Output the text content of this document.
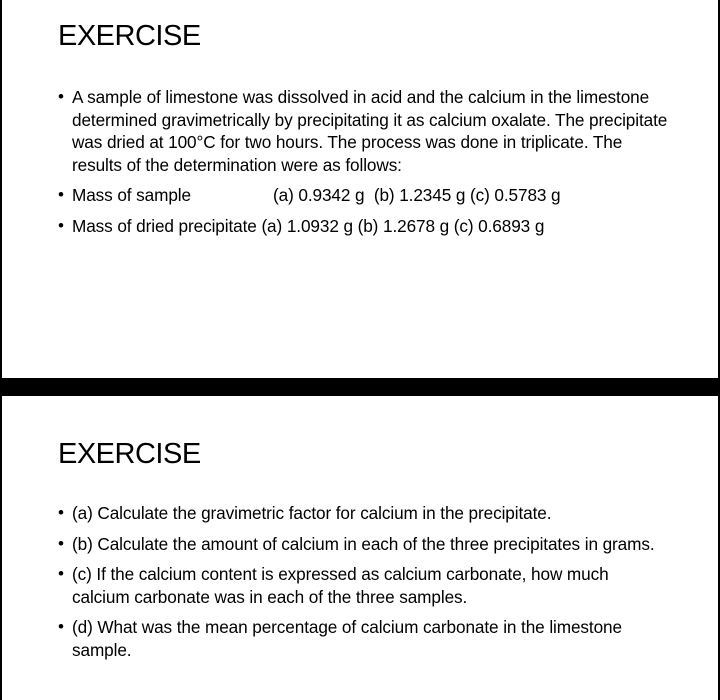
EXERCISE
• A sample of limestone was dissolved in acid and the calcium in the limestone determined gravimetrically by precipitating it as calcium oxalate. The precipitate was dried at 100°C for two hours. The process was done in triplicate. The results of the determination were as follows:
• Mass of sample	(a) 0.9342 g  (b) 1.2345 g (c) 0.5783 g
• Mass of dried precipitate (a) 1.0932 g (b) 1.2678 g (c) 0.6893 g
EXERCISE
• (a) Calculate the gravimetric factor for calcium in the precipitate.
• (b) Calculate the amount of calcium in each of the three precipitates in grams.
• (c) If the calcium content is expressed as calcium carbonate, how much calcium carbonate was in each of the three samples.
• (d) What was the mean percentage of calcium carbonate in the limestone sample.
